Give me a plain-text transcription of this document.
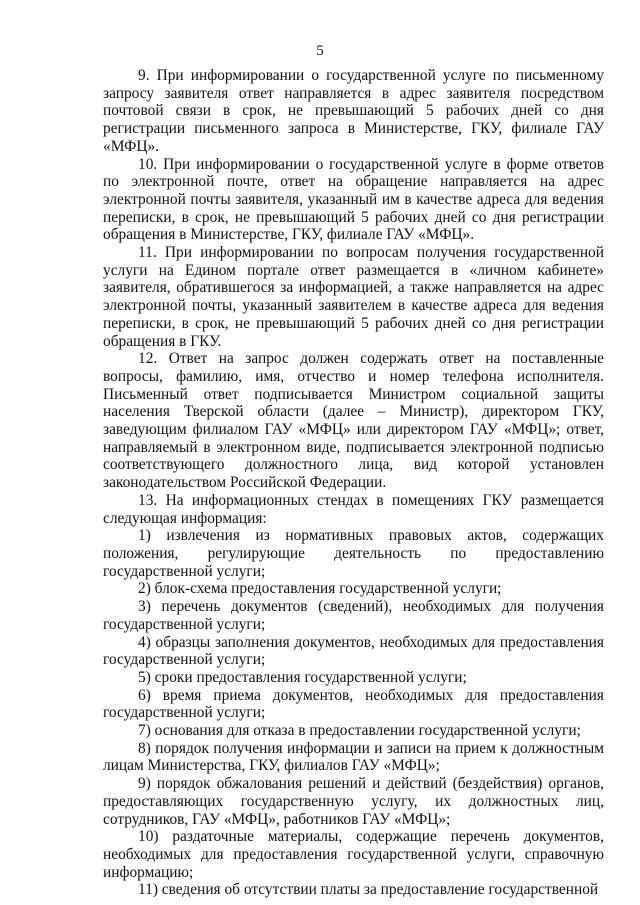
5

9. При информировании о государственной услуге по письменному запросу заявителя ответ направляется в адрес заявителя посредством почтовой связи в срок, не превышающий 5 рабочих дней со дня регистрации письменного запроса в Министерстве, ГКУ, филиале ГАУ «МФЦ».

10. При информировании о государственной услуге в форме ответов по электронной почте, ответ на обращение направляется на адрес электронной почты заявителя, указанный им в качестве адреса для ведения переписки, в срок, не превышающий 5 рабочих дней со дня регистрации обращения в Министерстве, ГКУ, филиале ГАУ «МФЦ».

11. При информировании по вопросам получения государственной услуги на Едином портале ответ размещается в «личном кабинете» заявителя, обратившегося за информацией, а также направляется на адрес электронной почты, указанный заявителем в качестве адреса для ведения переписки, в срок, не превышающий 5 рабочих дней со дня регистрации обращения в ГКУ.

12. Ответ на запрос должен содержать ответ на поставленные вопросы, фамилию, имя, отчество и номер телефона исполнителя. Письменный ответ подписывается Министром социальной защиты населения Тверской области (далее – Министр), директором ГКУ, заведующим филиалом ГАУ «МФЦ» или директором ГАУ «МФЦ»; ответ, направляемый в электронном виде, подписывается электронной подписью соответствующего должностного лица, вид которой установлен законодательством Российской Федерации.

13. На информационных стендах в помещениях ГКУ размещается следующая информация:

1) извлечения из нормативных правовых актов, содержащих положения, регулирующие деятельность по предоставлению государственной услуги;

2) блок-схема предоставления государственной услуги;

3) перечень документов (сведений), необходимых для получения государственной услуги;

4) образцы заполнения документов, необходимых для предоставления государственной услуги;

5) сроки предоставления государственной услуги;

6) время приема документов, необходимых для предоставления государственной услуги;

7) основания для отказа в предоставлении государственной услуги;

8) порядок получения информации и записи на прием к должностным лицам Министерства, ГКУ, филиалов ГАУ «МФЦ»;

9) порядок обжалования решений и действий (бездействия) органов, предоставляющих государственную услугу, их должностных лиц, сотрудников, ГАУ «МФЦ», работников ГАУ «МФЦ»;

10) раздаточные материалы, содержащие перечень документов, необходимых для предоставления государственной услуги, справочную информацию;

11) сведения об отсутствии платы за предоставление государственной
